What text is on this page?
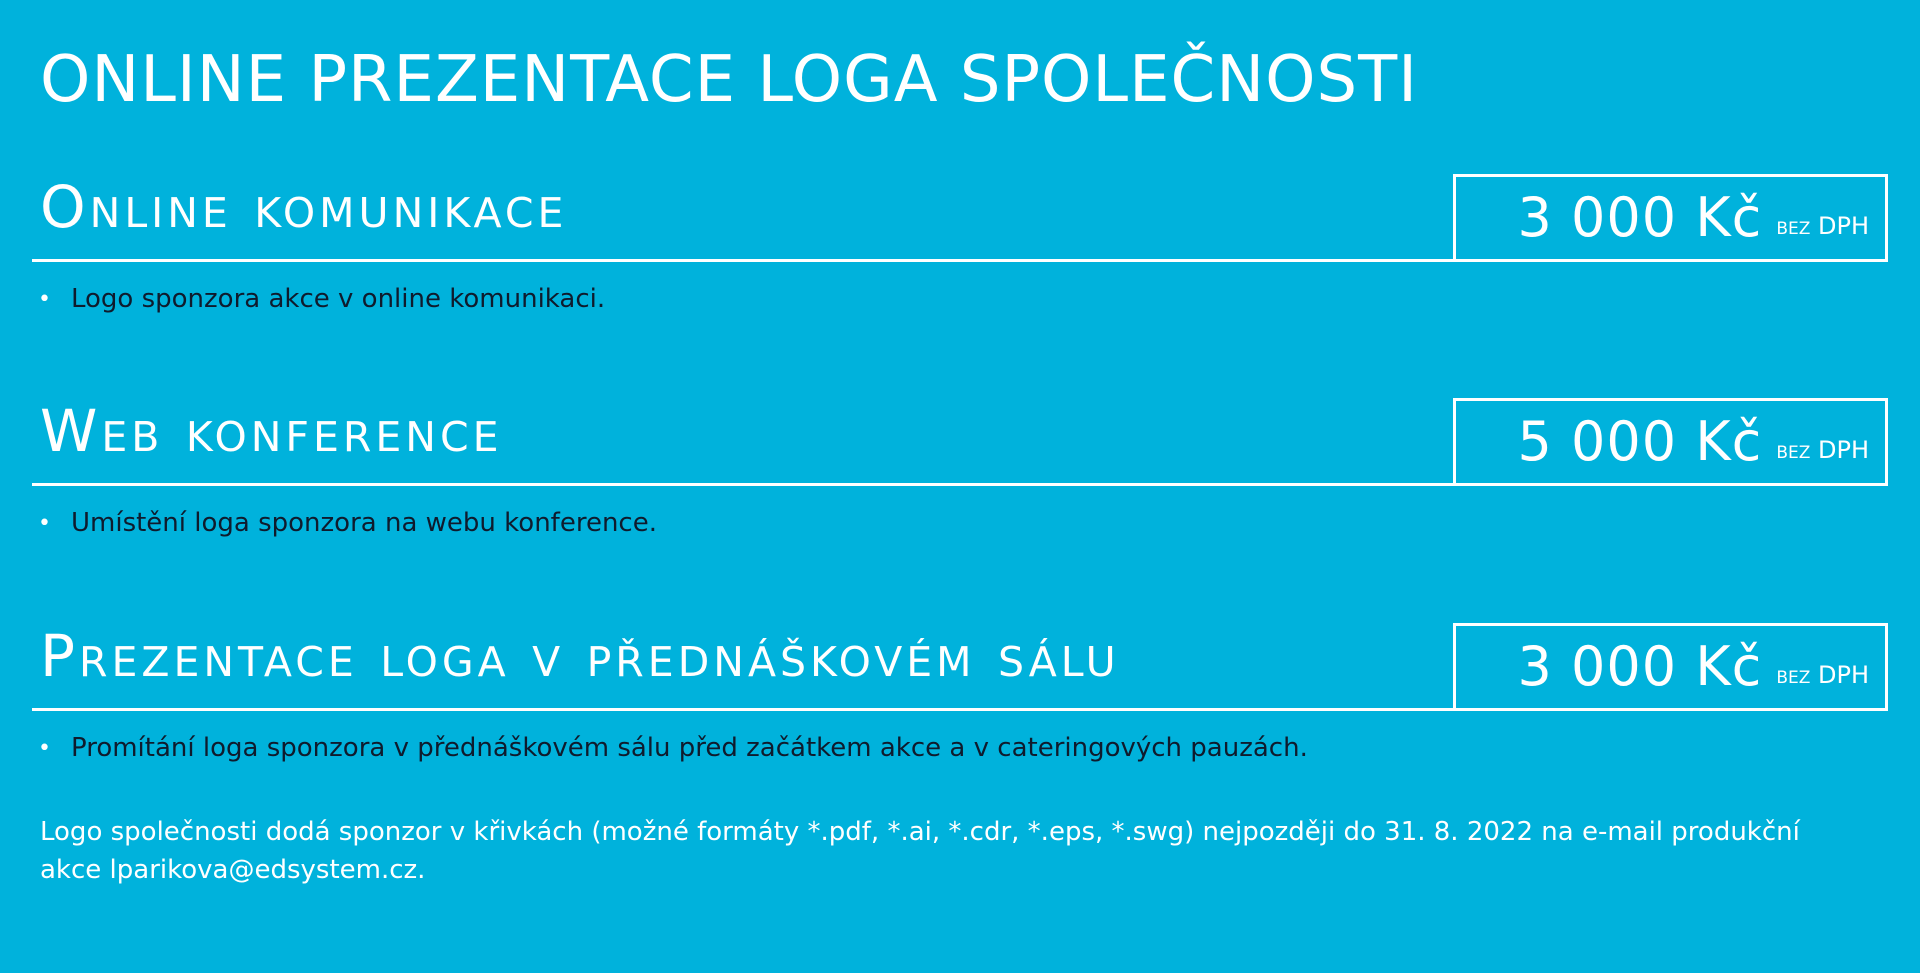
ONLINE PREZENTACE LOGA SPOLEČNOSTI
Online komunikace	3 000 Kč bez DPH
• Logo sponzora akce v online komunikaci.
Web konference	5 000 Kč bez DPH
• Umístění loga sponzora na webu konference.
Prezentace loga v přednáškovém sálu	3 000 Kč bez DPH
• Promítání loga sponzora v přednáškovém sálu před začátkem akce a v cateringových pauzách.

Logo společnosti dodá sponzor v křivkách (možné formáty *.pdf, *.ai, *.cdr, *.eps, *.swg) nejpozději do 31. 8. 2022 na e-mail produkční akce lparikova@edsystem.cz.
